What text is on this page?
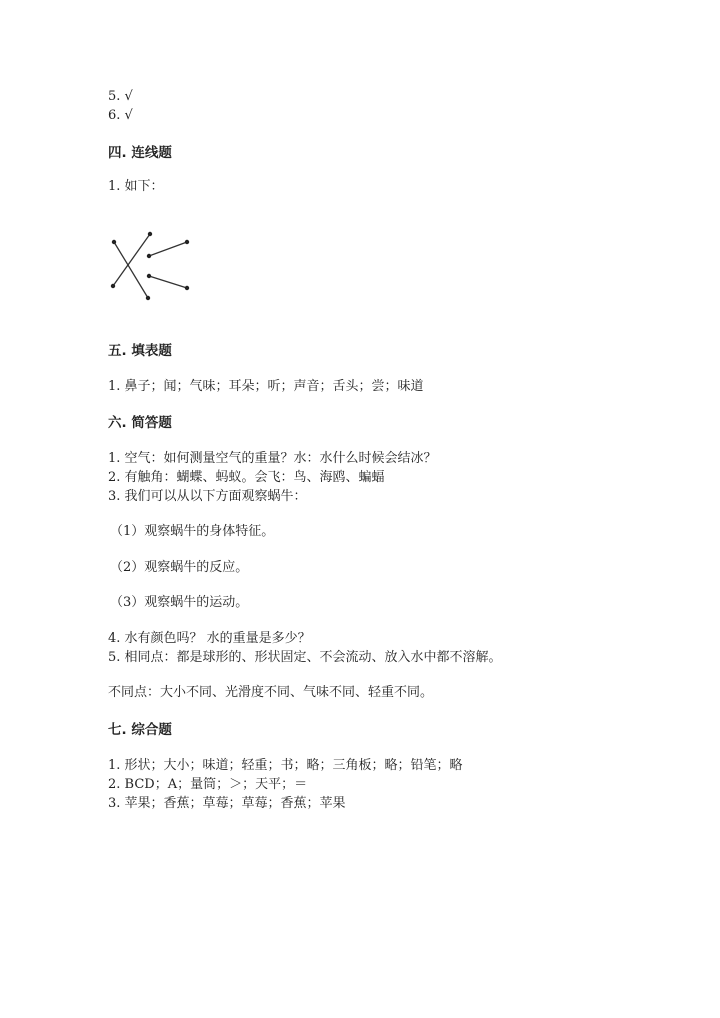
5. √
6. √
四. 连线题
1. 如下：
五. 填表题
1. 鼻子；闻；气味；耳朵；听；声音；舌头；尝；味道
六. 简答题
1. 空气：如何测量空气的重量？水：水什么时候会结冰？
2. 有触角：蝴蝶、蚂蚁。会飞：鸟、海鸥、蝙蝠
3. 我们可以从以下方面观察蜗牛：
（1）观察蜗牛的身体特征。
（2）观察蜗牛的反应。
（3）观察蜗牛的运动。
4. 水有颜色吗？ 水的重量是多少？
5. 相同点：都是球形的、形状固定、不会流动、放入水中都不溶解。
不同点：大小不同、光滑度不同、气味不同、轻重不同。
七. 综合题
1. 形状；大小；味道；轻重；书；略；三角板；略；铅笔；略
2. BCD；A；量筒；＞；天平；＝
3. 苹果；香蕉；草莓；草莓；香蕉；苹果
